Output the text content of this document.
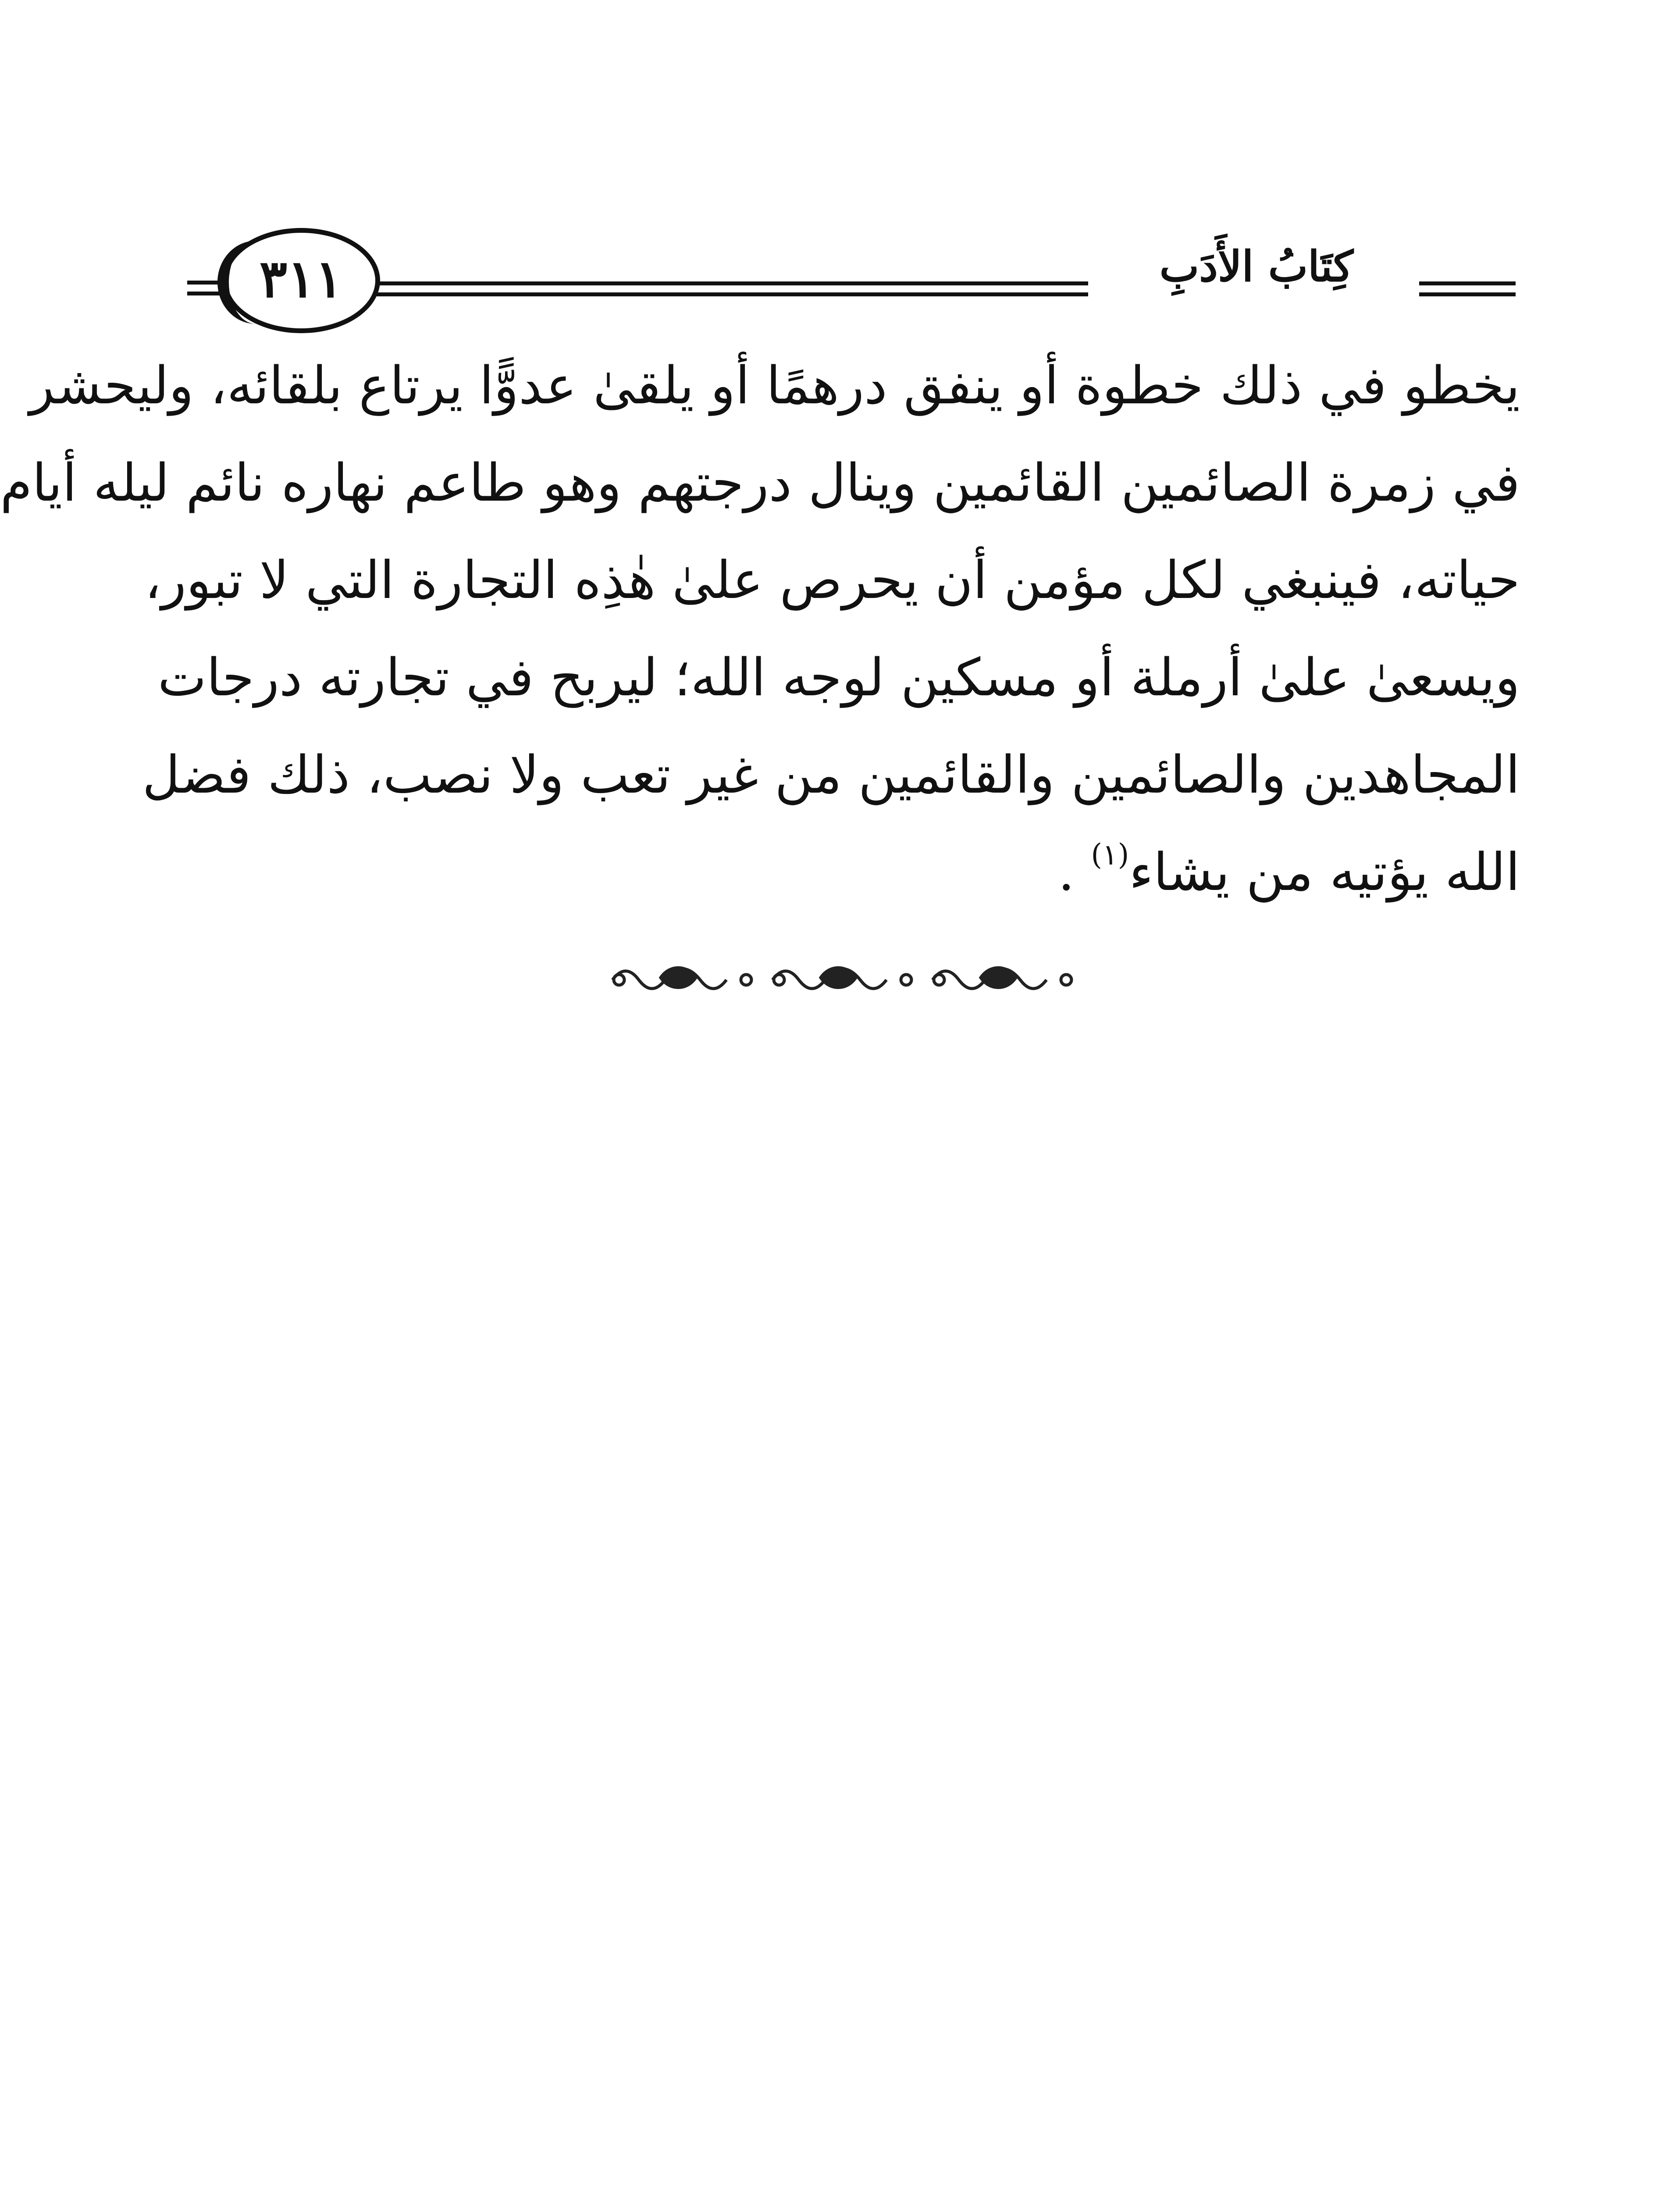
كِتَابُ الأَدَبِ
٣١١
يخطو في ذلك خطوة أو ينفق درهمًا أو يلقىٰ عدوًّا يرتاع بلقائه، وليحشر
في زمرة الصائمين القائمين وينال درجتهم وهو طاعم نهاره نائم ليله أيام
حياته، فينبغي لكل مؤمن أن يحرص علىٰ هٰذِه التجارة التي لا تبور،
ويسعىٰ علىٰ أرملة أو مسكين لوجه الله؛ ليربح في تجارته درجات
المجاهدين والصائمين والقائمين من غير تعب ولا نصب، ذلك فضل
الله يؤتيه من يشاء$^{(١)}$ .
